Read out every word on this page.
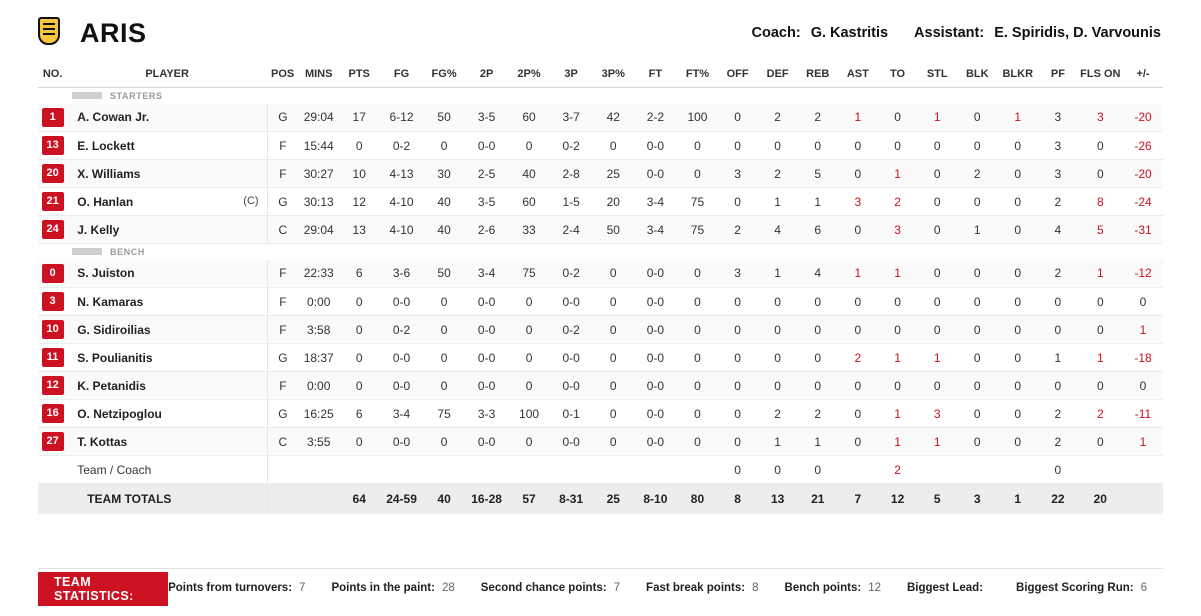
ARIS	Coach: G. Kastritis Assistant: E. Spiridis, D. Varvounis
NO.	PLAYER	POS	MINS	PTS	FG	FG%	2P	2P%	3P	3P%	FT	FT%	OFF	DEF	REB	AST	TO	STL	BLK	BLKR	PF	FLS ON	+/-

STARTERS																							

1	A. Cowan Jr.	G	29:04	17	6-12	50	3-5	60	3-7	42	2-2	100	0	2	2	1	0	1	0	1	3	3	-20

13	E. Lockett	F	15:44	0	0-2	0	0-0	0	0-2	0	0-0	0	0	0	0	0	0	0	0	0	3	0	-26

20	X. Williams	F	30:27	10	4-13	30	2-5	40	2-8	25	0-0	0	3	2	5	0	1	0	2	0	3	0	-20

21	O. Hanlan (C)	G	30:13	12	4-10	40	3-5	60	1-5	20	3-4	75	0	1	1	3	2	0	0	0	2	8	-24

24	J. Kelly	C	29:04	13	4-10	40	2-6	33	2-4	50	3-4	75	2	4	6	0	3	0	1	0	4	5	-31

BENCH																							

0	S. Juiston	F	22:33	6	3-6	50	3-4	75	0-2	0	0-0	0	3	1	4	1	1	0	0	0	2	1	-12

3	N. Kamaras	F	0:00	0	0-0	0	0-0	0	0-0	0	0-0	0	0	0	0	0	0	0	0	0	0	0	0

10	G. Sidiroilias	F	3:58	0	0-2	0	0-0	0	0-2	0	0-0	0	0	0	0	0	0	0	0	0	0	0	1

11	S. Poulianitis	G	18:37	0	0-0	0	0-0	0	0-0	0	0-0	0	0	0	0	2	1	1	0	0	1	1	-18

12	K. Petanidis	F	0:00	0	0-0	0	0-0	0	0-0	0	0-0	0	0	0	0	0	0	0	0	0	0	0	0

16	O. Netzipoglou	G	16:25	6	3-4	75	3-3	100	0-1	0	0-0	0	0	2	2	0	1	3	0	0	2	2	-11

27	T. Kottas	C	3:55	0	0-0	0	0-0	0	0-0	0	0-0	0	0	1	1	0	1	1	0	0	2	0	1
	Team / Coach												0	0	0		2				0		
	TEAM TOTALS			64	24-59	40	16-28	57	8-31	25	8-10	80	8	13	21	7	12	5	3	1	22	20	
TEAM STATISTICS:
Points from turnovers: 7 Points in the paint: 28 Second chance points: 7 Fast break points: 8 Bench points: 12 Biggest Lead:	Biggest Scoring Run: 6
